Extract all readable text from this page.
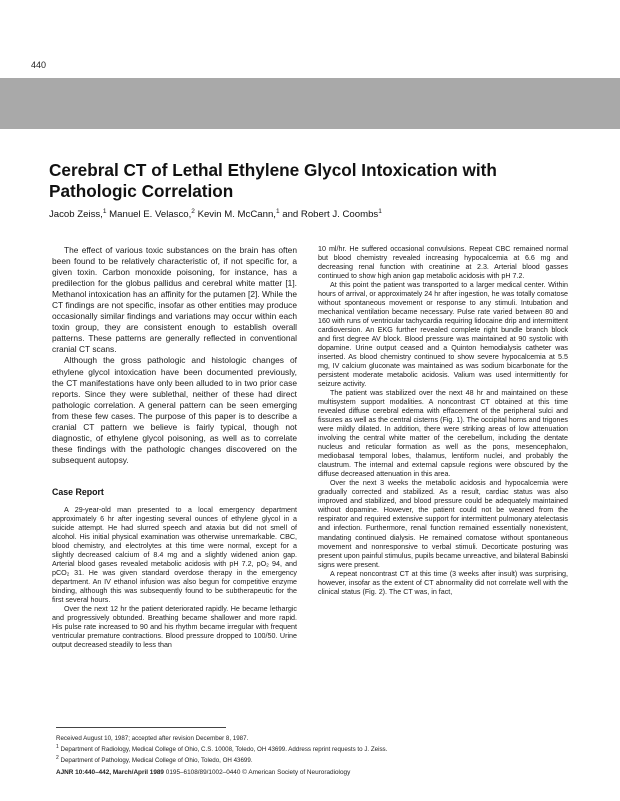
440
Cerebral CT of Lethal Ethylene Glycol Intoxication with Pathologic Correlation
Jacob Zeiss,$^1$ Manuel E. Velasco,$^2$ Kevin M. McCann,$^1$ and Robert J. Coombs$^1$

The effect of various toxic substances on the brain has often been found to be relatively characteristic of, if not specific for, a given toxin. Carbon monoxide poisoning, for instance, has a predilection for the globus pallidus and cerebral white matter [1]. Methanol intoxication has an affinity for the putamen [2]. While the CT findings are not specific, insofar as other entities may produce occasionally similar findings and variations may occur within each toxin group, they are consistent enough to establish overall patterns. These patterns are generally reflected in conventional cranial CT scans.

Although the gross pathologic and histologic changes of ethylene glycol intoxication have been documented previously, the CT manifestations have only been alluded to in two prior case reports. Since they were sublethal, neither of these had direct pathologic correlation. A general pattern can be seen emerging from these few cases. The purpose of this paper is to describe a cranial CT pattern we believe is fairly typical, though not diagnostic, of ethylene glycol poisoning, as well as to correlate these findings with the pathologic changes discovered on the subsequent autopsy.

Case Report

A 29-year-old man presented to a local emergency department approximately 6 hr after ingesting several ounces of ethylene glycol in a suicide attempt. He had slurred speech and ataxia but did not smell of alcohol. His initial physical examination was otherwise unremarkable. CBC, blood chemistry, and electrolytes at this time were normal, except for a slightly decreased calcium of 8.4 mg and a slightly widened anion gap. Arterial blood gases revealed metabolic acidosis with pH 7.2, pO₂ 94, and pCO₂ 31. He was given standard overdose therapy in the emergency department. An IV ethanol infusion was also begun for competitive enzyme binding, although this was subsequently found to be subtherapeutic for the first several hours.

Over the next 12 hr the patient deteriorated rapidly. He became lethargic and progressively obtunded. Breathing became shallower and more rapid. His pulse rate increased to 90 and his rhythm became irregular with frequent ventricular premature contractions. Blood pressure dropped to 100/50. Urine output decreased steadily to less than

10 ml/hr. He suffered occasional convulsions. Repeat CBC remained normal but blood chemistry revealed increasing hypocalcemia at 6.6 mg and decreasing renal function with creatinine at 2.3. Arterial blood gasses continued to show high anion gap metabolic acidosis with pH 7.2.

At this point the patient was transported to a larger medical center. Within hours of arrival, or approximately 24 hr after ingestion, he was totally comatose without spontaneous movement or response to any stimuli. Intubation and mechanical ventilation became necessary. Pulse rate varied between 80 and 160 with runs of ventricular tachycardia requiring lidocaine drip and intermittent cardioversion. An EKG further revealed complete right bundle branch block and first degree AV block. Blood pressure was maintained at 90 systolic with dopamine. Urine output ceased and a Quinton hemodialysis catheter was inserted. As blood chemistry continued to show severe hypocalcemia at 5.5 mg, IV calcium gluconate was maintained as was sodium bicarbonate for the persistent moderate metabolic acidosis. Valium was used intermittently for seizure activity.

The patient was stabilized over the next 48 hr and maintained on these multisystem support modalities. A noncontrast CT obtained at this time revealed diffuse cerebral edema with effacement of the peripheral sulci and fissures as well as the central cisterns (Fig. 1). The occipital horns and trigones were mildly dilated. In addition, there were striking areas of low attenuation involving the central white matter of the cerebellum, including the dentate nucleus and reticular formation as well as the pons, mesencephalon, mediobasal temporal lobes, thalamus, lentiform nuclei, and probably the claustrum. The internal and external capsule regions were obscured by the diffuse decreased attenuation in this area.

Over the next 3 weeks the metabolic acidosis and hypocalcemia were gradually corrected and stabilized. As a result, cardiac status was also improved and stabilized, and blood pressure could be adequately maintained without dopamine. However, the patient could not be weaned from the respirator and required extensive support for intermittent pulmonary atelectasis and infection. Furthermore, renal function remained essentially nonexistent, mandating continued dialysis. He remained comatose without spontaneous movement and nonresponsive to verbal stimuli. Decorticate posturing was present upon painful stimulus, pupils became unreactive, and bilateral Babinski signs were present.

A repeat noncontrast CT at this time (3 weeks after insult) was surprising, however, insofar as the extent of CT abnormality did not correlate well with the clinical status (Fig. 2). The CT was, in fact,

Received August 10, 1987; accepted after revision December 8, 1987.

$^1$ Department of Radiology, Medical College of Ohio, C.S. 10008, Toledo, OH 43699. Address reprint requests to J. Zeiss.

$^2$ Department of Pathology, Medical College of Ohio, Toledo, OH 43699.

AJNR 10:440–442, March/April 1989 0195–6108/89/1002–0440 © American Society of Neuroradiology
